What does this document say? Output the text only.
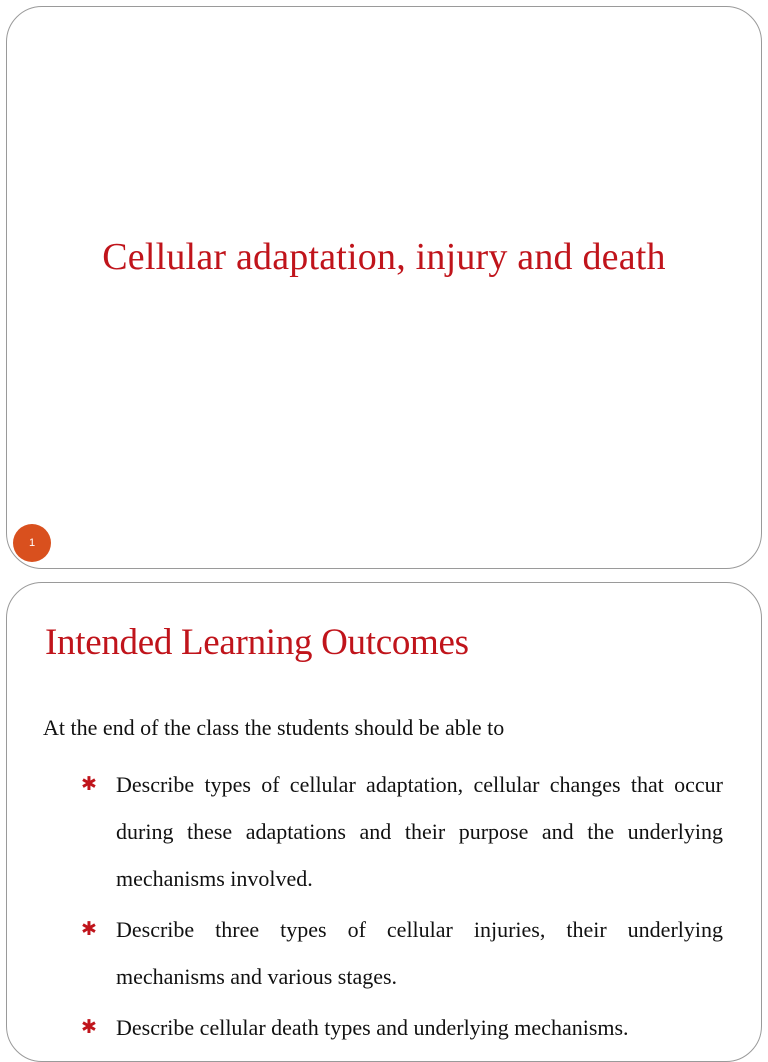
Cellular adaptation, injury and death
1
Intended Learning Outcomes
At the end of the class the students should be able to
✱ Describe types of cellular adaptation, cellular changes that occur during these adaptations and their purpose and the underlying mechanisms involved.
✱ Describe three types of cellular injuries, their underlying mechanisms and various stages.
✱ Describe cellular death types and underlying mechanisms.
